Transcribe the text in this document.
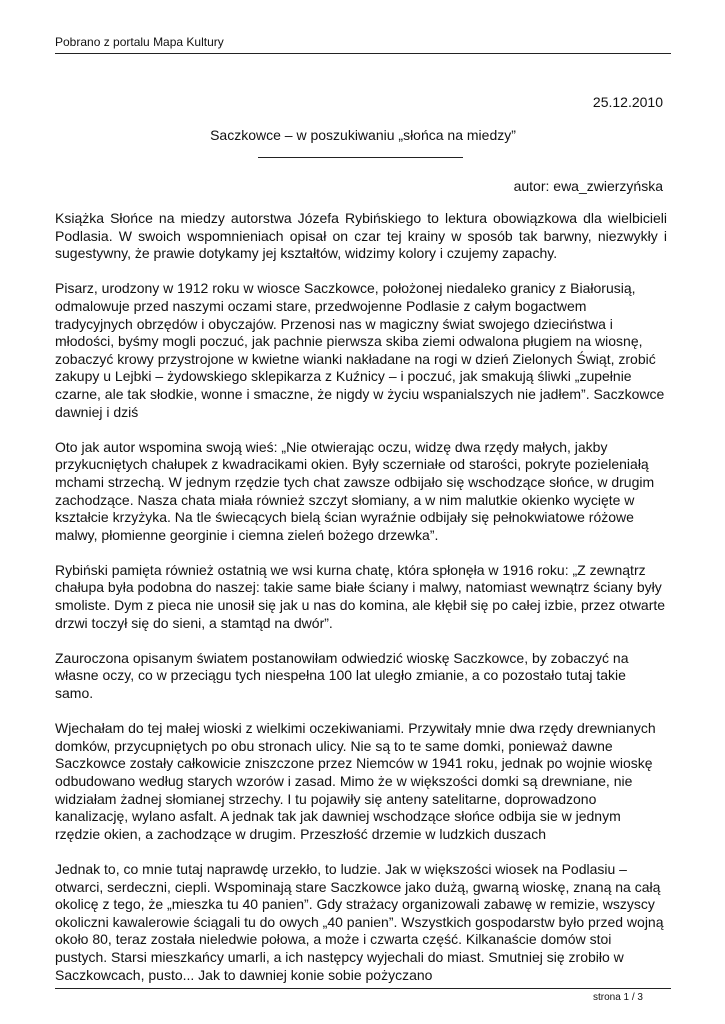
Pobrano z portalu Mapa Kultury
25.12.2010
Saczkowce – w poszukiwaniu „słońca na miedzy”
autor: ewa_zwierzyńska

Książka Słońce na miedzy autorstwa Józefa Rybińskiego to lektura obowiązkowa dla wielbicieli Podlasia. W swoich wspomnieniach opisał on czar tej krainy w sposób tak barwny, niezwykły i sugestywny, że prawie dotykamy jej kształtów, widzimy kolory i czujemy zapachy.

Pisarz, urodzony w 1912 roku w wiosce Saczkowce, położonej niedaleko granicy z Białorusią, odmalowuje przed naszymi oczami stare, przedwojenne Podlasie z całym bogactwem tradycyjnych obrzędów i obyczajów. Przenosi nas w magiczny świat swojego dzieciństwa i młodości, byśmy mogli poczuć, jak pachnie pierwsza skiba ziemi odwalona pługiem na wiosnę, zobaczyć krowy przystrojone w kwietne wianki nakładane na rogi w dzień Zielonych Świąt, zrobić zakupy u Lejbki – żydowskiego sklepikarza z Kuźnicy – i poczuć, jak smakują śliwki „zupełnie czarne, ale tak słodkie, wonne i smaczne, że nigdy w życiu wspanialszych nie jadłem”. Saczkowce dawniej i dziś

Oto jak autor wspomina swoją wieś: „Nie otwierając oczu, widzę dwa rzędy małych, jakby przykucniętych chałupek z kwadracikami okien. Były sczerniałe od starości, pokryte pozieleniałą mchami strzechą. W jednym rzędzie tych chat zawsze odbijało się wschodzące słońce, w drugim zachodzące. Nasza chata miała również szczyt słomiany, a w nim malutkie okienko wycięte w kształcie krzyżyka. Na tle świecących bielą ścian wyraźnie odbijały się pełnokwiatowe różowe malwy, płomienne georginie i ciemna zieleń bożego drzewka”.

Rybiński pamięta również ostatnią we wsi kurna chatę, która spłonęła w 1916 roku: „Z zewnątrz chałupa była podobna do naszej: takie same białe ściany i malwy, natomiast wewnątrz ściany były smoliste. Dym z pieca nie unosił się jak u nas do komina, ale kłębił się po całej izbie, przez otwarte drzwi toczył się do sieni, a stamtąd na dwór”.

Zauroczona opisanym światem postanowiłam odwiedzić wioskę Saczkowce, by zobaczyć na własne oczy, co w przeciągu tych niespełna 100 lat uległo zmianie, a co pozostało tutaj takie samo.

Wjechałam do tej małej wioski z wielkimi oczekiwaniami. Przywitały mnie dwa rzędy drewnianych domków, przycupniętych po obu stronach ulicy. Nie są to te same domki, ponieważ dawne Saczkowce zostały całkowicie zniszczone przez Niemców w 1941 roku, jednak po wojnie wioskę odbudowano według starych wzorów i zasad. Mimo że w większości domki są drewniane, nie widziałam żadnej słomianej strzechy. I tu pojawiły się anteny satelitarne, doprowadzono kanalizację, wylano asfalt. A jednak tak jak dawniej wschodzące słońce odbija sie w jednym rzędzie okien, a zachodzące w drugim. Przeszłość drzemie w ludzkich duszach

Jednak to, co mnie tutaj naprawdę urzekło, to ludzie. Jak w większości wiosek na Podlasiu – otwarci, serdeczni, ciepli. Wspominają stare Saczkowce jako dużą, gwarną wioskę, znaną na całą okolicę z tego, że „mieszka tu 40 panien”. Gdy strażacy organizowali zabawę w remizie, wszyscy okoliczni kawalerowie ściągali tu do owych „40 panien”. Wszystkich gospodarstw było przed wojną około 80, teraz została nieledwie połowa, a może i czwarta część. Kilkanaście domów stoi pustych. Starsi mieszkańcy umarli, a ich następcy wyjechali do miast. Smutniej się zrobiło w Saczkowcach, pusto... Jak to dawniej konie sobie pożyczano

strona 1 / 3
